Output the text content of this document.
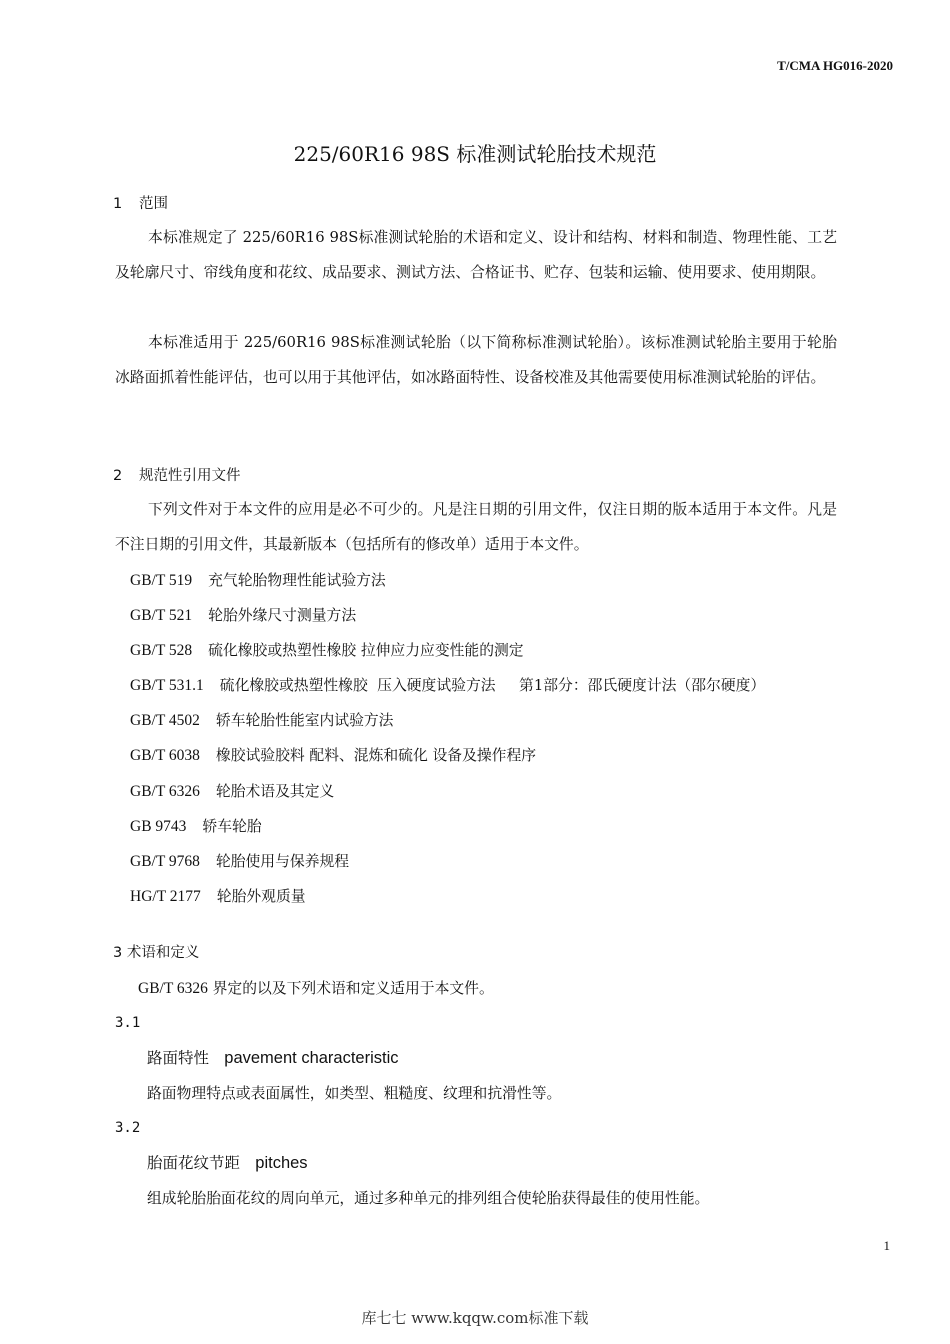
T/CMA HG016-2020
225/60R16 98S 标准测试轮胎技术规范
1 范围
本标准规定了 225/60R16 98S标准测试轮胎的术语和定义、设计和结构、材料和制造、物理性能、工艺及轮廓尺寸、帘线角度和花纹、成品要求、测试方法、合格证书、贮存、包装和运输、使用要求、使用期限。
本标准适用于 225/60R16 98S标准测试轮胎（以下简称标准测试轮胎）。该标准测试轮胎主要用于轮胎冰路面抓着性能评估，也可以用于其他评估，如冰路面特性、设备校准及其他需要使用标准测试轮胎的评估。
2 规范性引用文件
下列文件对于本文件的应用是必不可少的。凡是注日期的引用文件，仅注日期的版本适用于本文件。凡是不注日期的引用文件，其最新版本（包括所有的修改单）适用于本文件。
GB/T 519 充气轮胎物理性能试验方法
GB/T 521 轮胎外缘尺寸测量方法
GB/T 528 硫化橡胶或热塑性橡胶 拉伸应力应变性能的测定
GB/T 531.1 硫化橡胶或热塑性橡胶  压入硬度试验方法     第1部分：邵氏硬度计法（邵尔硬度）
GB/T 4502 轿车轮胎性能室内试验方法
GB/T 6038 橡胶试验胶料 配料、混炼和硫化 设备及操作程序
GB/T 6326 轮胎术语及其定义
GB 9743 轿车轮胎
GB/T 9768 轮胎使用与保养规程
HG/T 2177 轮胎外观质量
3 术语和定义
GB/T 6326 界定的以及下列术语和定义适用于本文件。
3.1
路面特性 pavement characteristic
路面物理特点或表面属性，如类型、粗糙度、纹理和抗滑性等。
3.2
胎面花纹节距 pitches
组成轮胎胎面花纹的周向单元，通过多种单元的排列组合使轮胎获得最佳的使用性能。
1
库七七 www.kqqw.com标准下载
